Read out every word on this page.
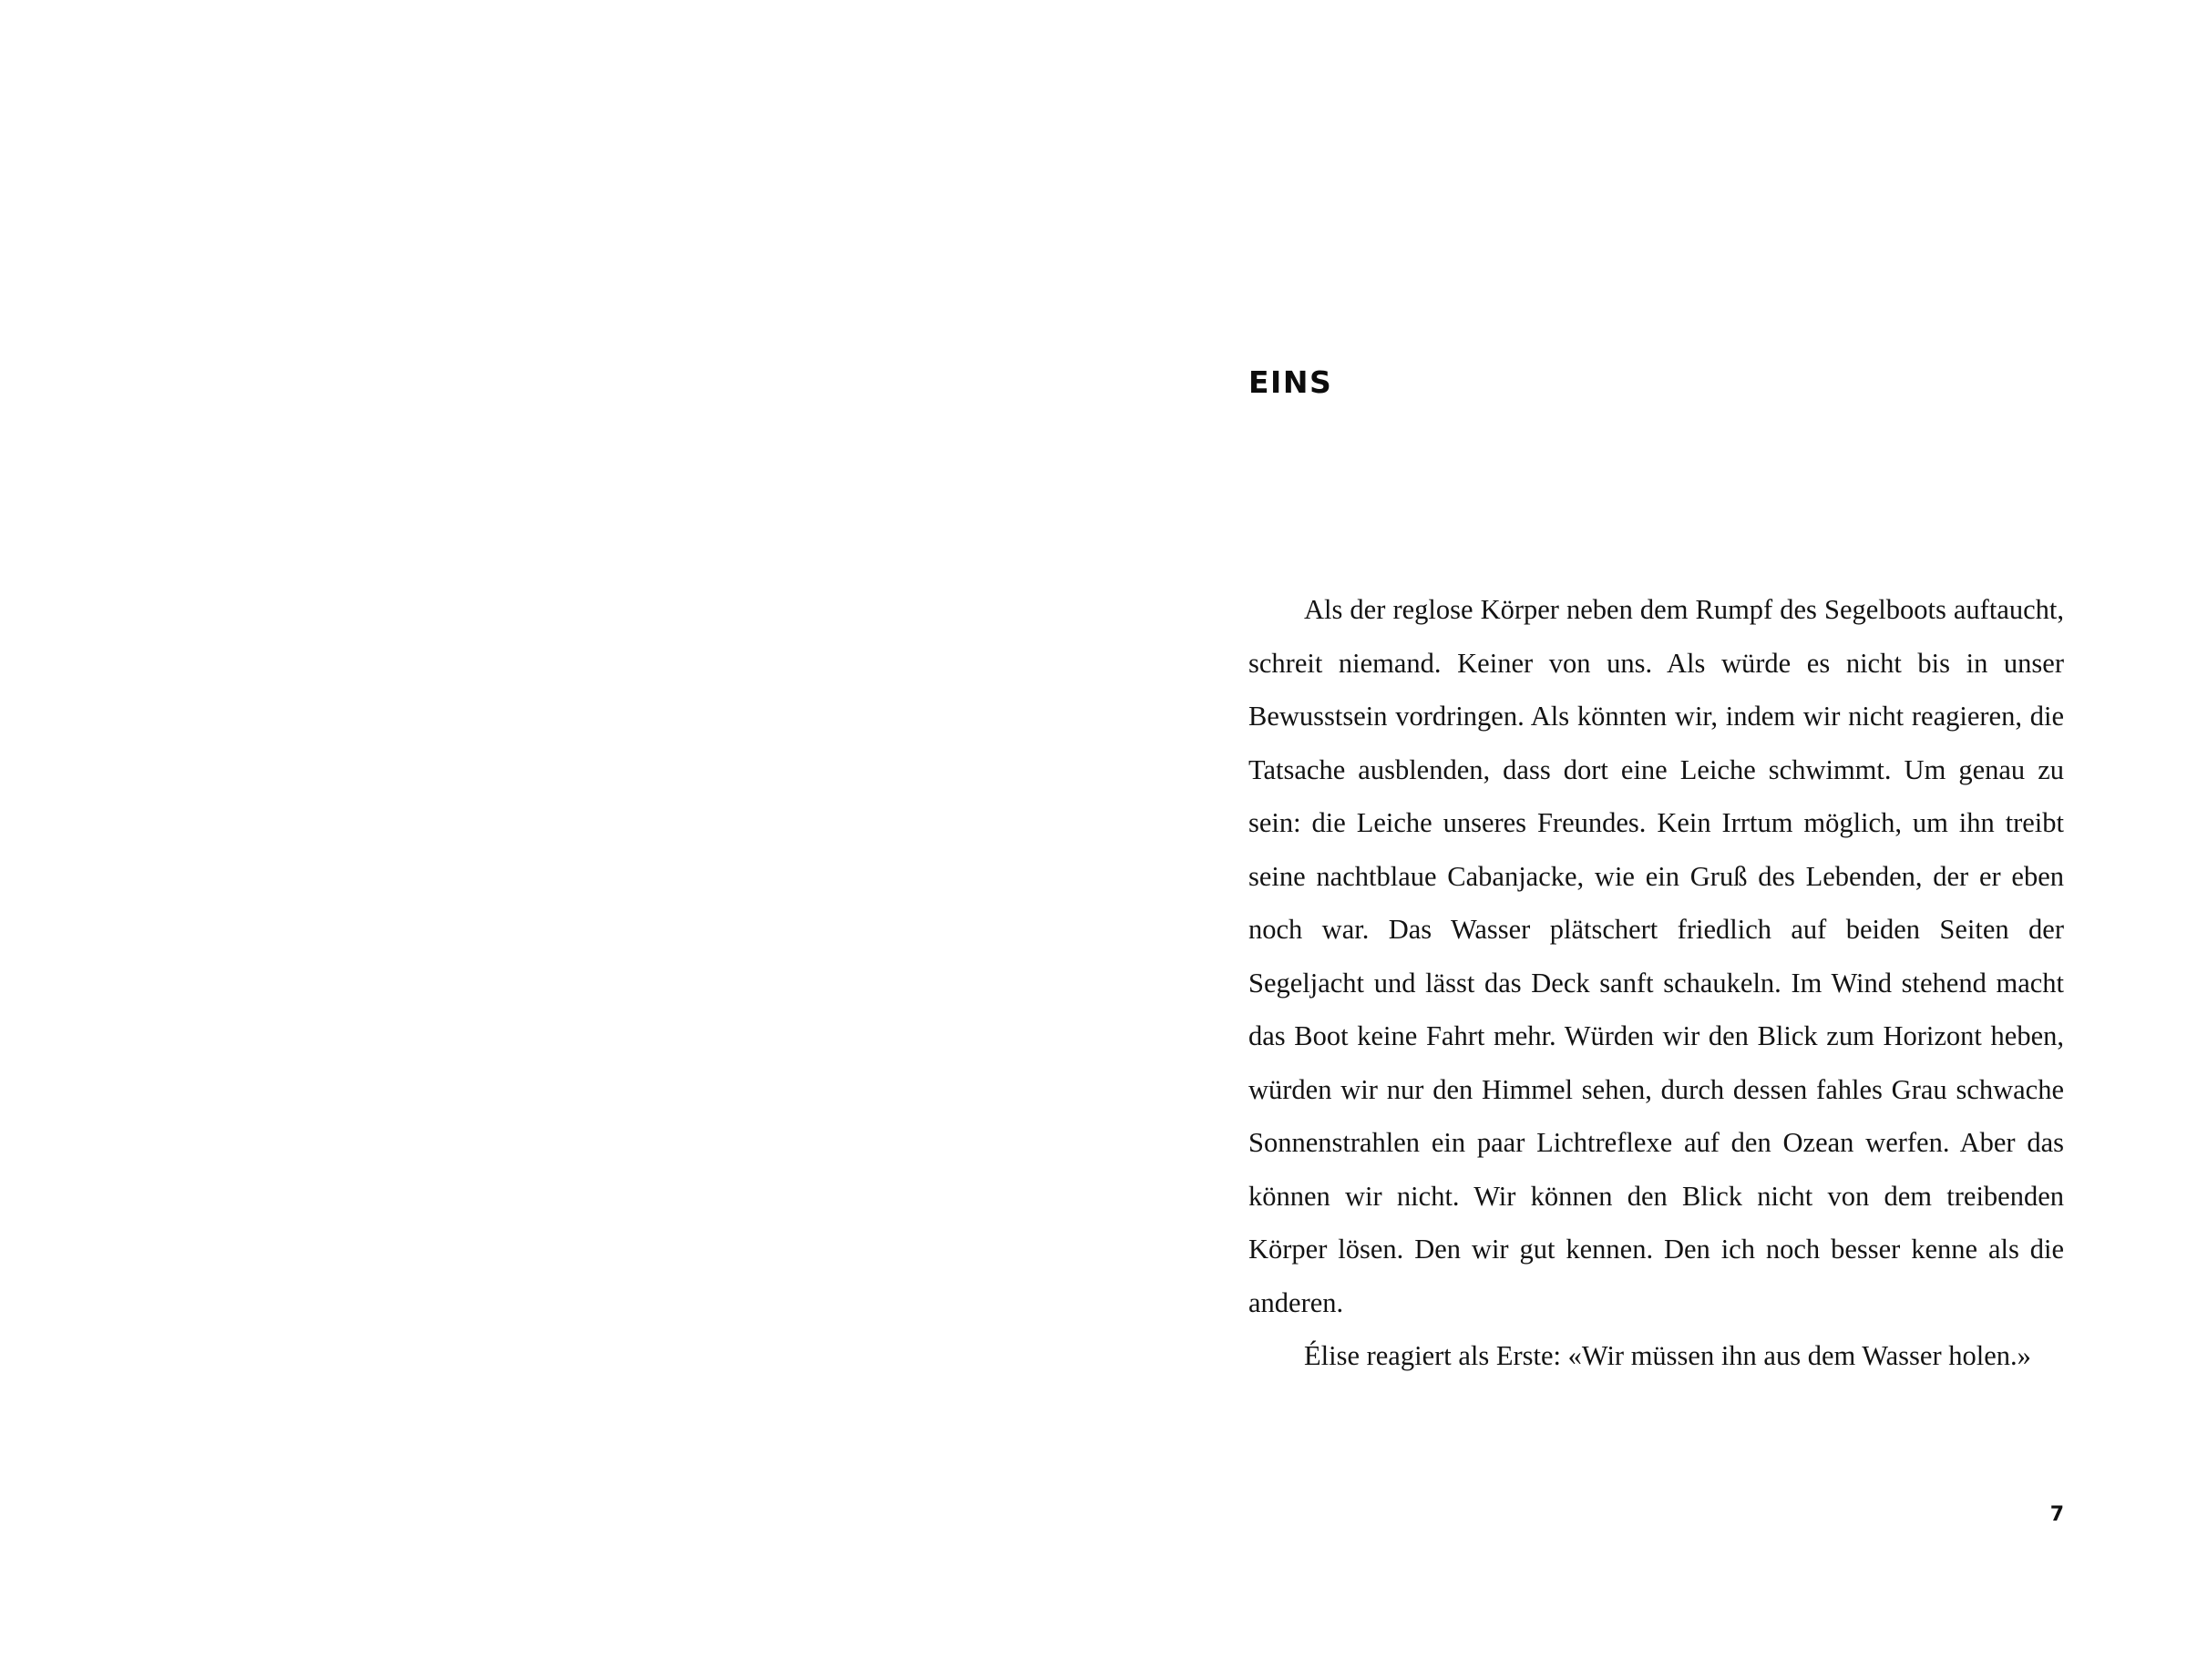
EINS

Als der reglose Körper neben dem Rumpf des Segelboots auftaucht, schreit niemand. Keiner von uns. Als würde es nicht bis in unser Bewusstsein vordringen. Als könnten wir, indem wir nicht reagieren, die Tatsache ausblenden, dass dort eine Leiche schwimmt. Um genau zu sein: die Leiche unseres Freundes. Kein Irrtum möglich, um ihn treibt seine nachtblaue Cabanjacke, wie ein Gruß des Lebenden, der er eben noch war. Das Wasser plätschert friedlich auf beiden Seiten der Segeljacht und lässt das Deck sanft schaukeln. Im Wind stehend macht das Boot keine Fahrt mehr. Würden wir den Blick zum Horizont heben, würden wir nur den Himmel sehen, durch dessen fahles Grau schwache Sonnenstrahlen ein paar Lichtreflexe auf den Ozean werfen. Aber das können wir nicht. Wir können den Blick nicht von dem treibenden Körper lösen. Den wir gut kennen. Den ich noch besser kenne als die anderen.

Élise reagiert als Erste: «Wir müssen ihn aus dem Wasser holen.»

7
